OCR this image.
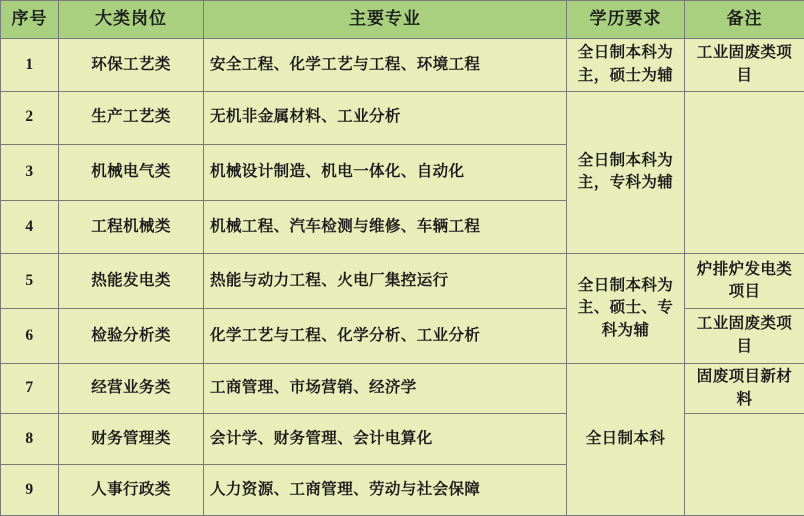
序号	大类岗位	主要专业	学历要求	备注
1	环保工艺类	安全工程、化学工艺与工程、环境工程	全日制本科为主，硕士为辅	工业固废类项目
2	生产工艺类	无机非金属材料、工业分析	全日制本科为主，专科为辅	
3	机械电气类	机械设计制造、机电一体化、自动化		
4	工程机械类	机械工程、汽车检测与维修、车辆工程		
5	热能发电类	热能与动力工程、火电厂集控运行	全日制本科为主、硕士、专科为辅	炉排炉发电类项目
6	检验分析类	化学工艺与工程、化学分析、工业分析		工业固废类项目
7	经营业务类	工商管理、市场营销、经济学	全日制本科	固废项目新材料
8	财务管理类	会计学、财务管理、会计电算化		
9	人事行政类	人力资源、工商管理、劳动与社会保障		
